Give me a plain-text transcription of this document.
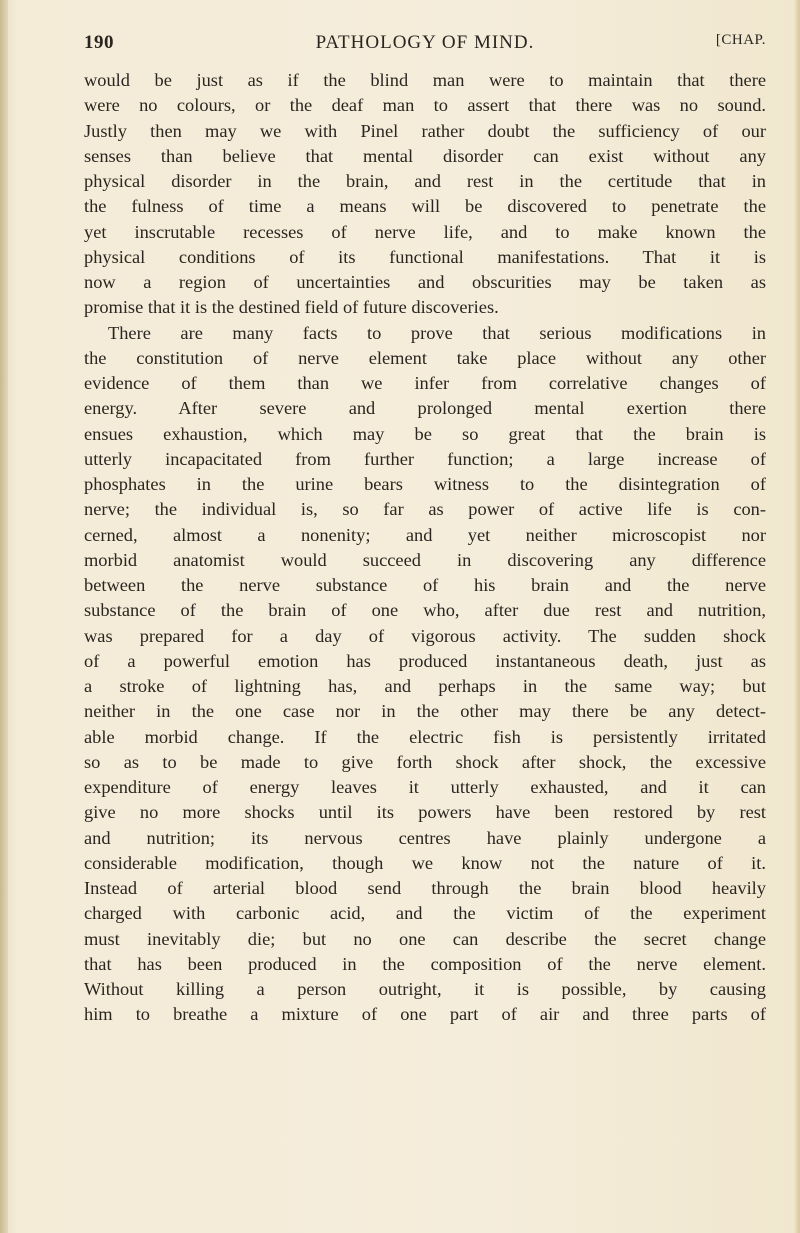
190	PATHOLOGY OF MIND.	[CHAP.
would be just as if the blind man were to maintain that there
were no colours, or the deaf man to assert that there was no sound.
Justly then may we with Pinel rather doubt the sufficiency of our
senses than believe that mental disorder can exist without any
physical disorder in the brain, and rest in the certitude that in
the fulness of time a means will be discovered to penetrate the
yet inscrutable recesses of nerve life, and to make known the
physical conditions of its functional manifestations. That it is
now a region of uncertainties and obscurities may be taken as
promise that it is the destined field of future discoveries.
There are many facts to prove that serious modifications in
the constitution of nerve element take place without any other
evidence of them than we infer from correlative changes of
energy. After severe and prolonged mental exertion there
ensues exhaustion, which may be so great that the brain is
utterly incapacitated from further function; a large increase of
phosphates in the urine bears witness to the disintegration of
nerve; the individual is, so far as power of active life is con-
cerned, almost a nonenity; and yet neither microscopist nor
morbid anatomist would succeed in discovering any difference
between the nerve substance of his brain and the nerve
substance of the brain of one who, after due rest and nutrition,
was prepared for a day of vigorous activity. The sudden shock
of a powerful emotion has produced instantaneous death, just as
a stroke of lightning has, and perhaps in the same way; but
neither in the one case nor in the other may there be any detect-
able morbid change. If the electric fish is persistently irritated
so as to be made to give forth shock after shock, the excessive
expenditure of energy leaves it utterly exhausted, and it can
give no more shocks until its powers have been restored by rest
and nutrition; its nervous centres have plainly undergone a
considerable modification, though we know not the nature of it.
Instead of arterial blood send through the brain blood heavily
charged with carbonic acid, and the victim of the experiment
must inevitably die; but no one can describe the secret change
that has been produced in the composition of the nerve element.
Without killing a person outright, it is possible, by causing
him to breathe a mixture of one part of air and three parts of
